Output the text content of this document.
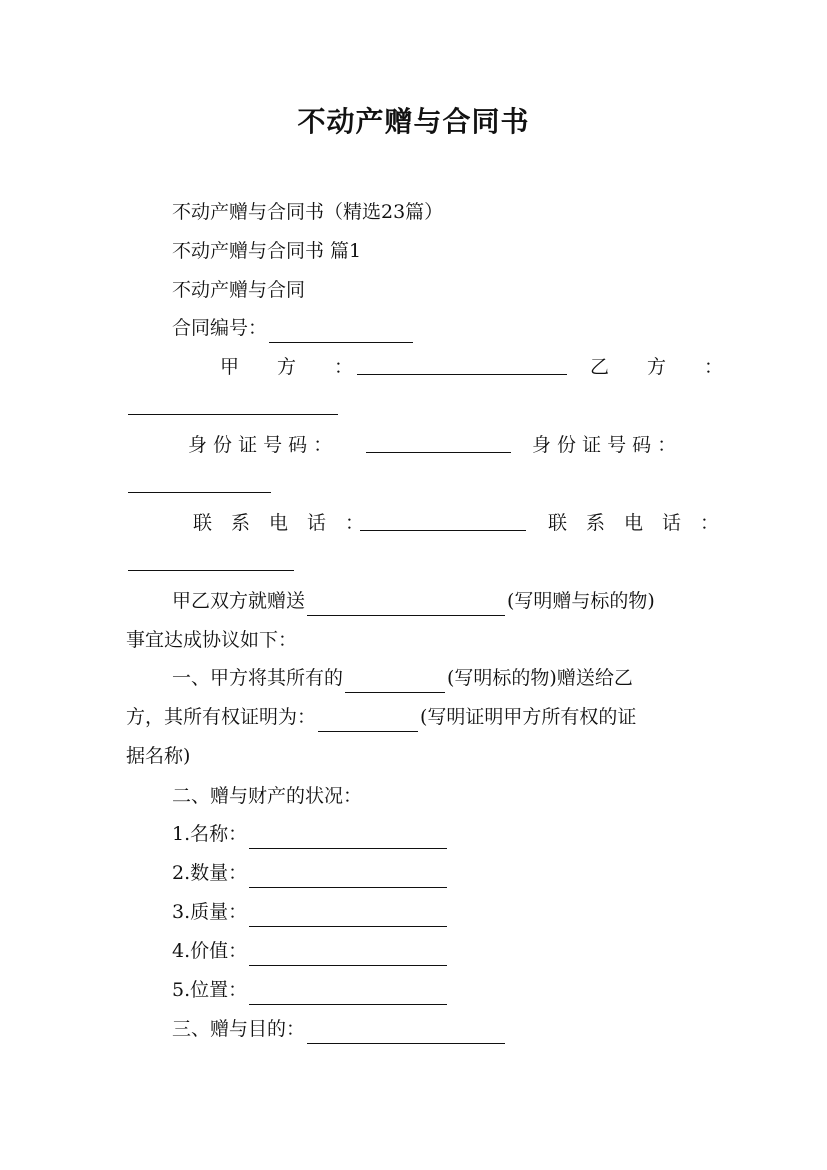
不动产赠与合同书
不动产赠与合同书（精选23篇）
不动产赠与合同书 篇1
不动产赠与合同
合同编号：
甲　　方　　：	乙　　方　　：
身 份 证 号 码 ：	身 份 证 号 码 ：
联　系　电　话　：	联　系　电　话　：
甲乙双方就赠送	(写明赠与标的物)
事宜达成协议如下：
一、甲方将其所有的	(写明标的物)赠送给乙
方，其所有权证明为：	(写明证明甲方所有权的证
据名称)
二、赠与财产的状况：
1.名称：
2.数量：
3.质量：
4.价值：
5.位置：
三、赠与目的：
